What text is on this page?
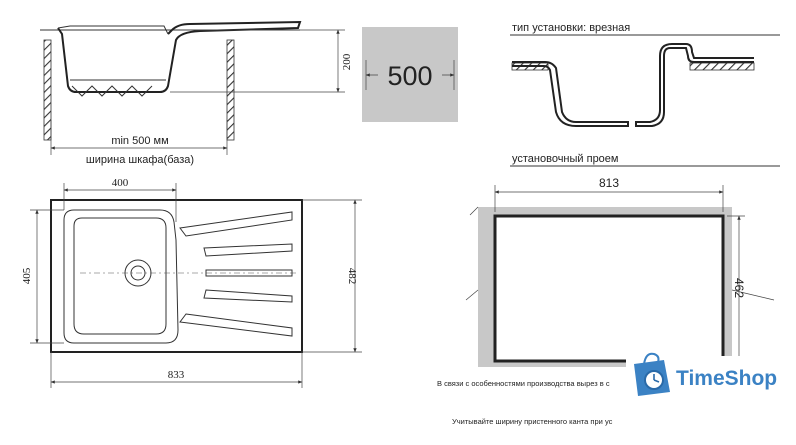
min 500 мм
ширина шкафа(база)
200 500
тип установки: врезная
установочный проем
813
462
400
405	482
833
В связи с особенностями производства вырез в с
Учитывайте ширину пристенного канта при ус
TimeShop
